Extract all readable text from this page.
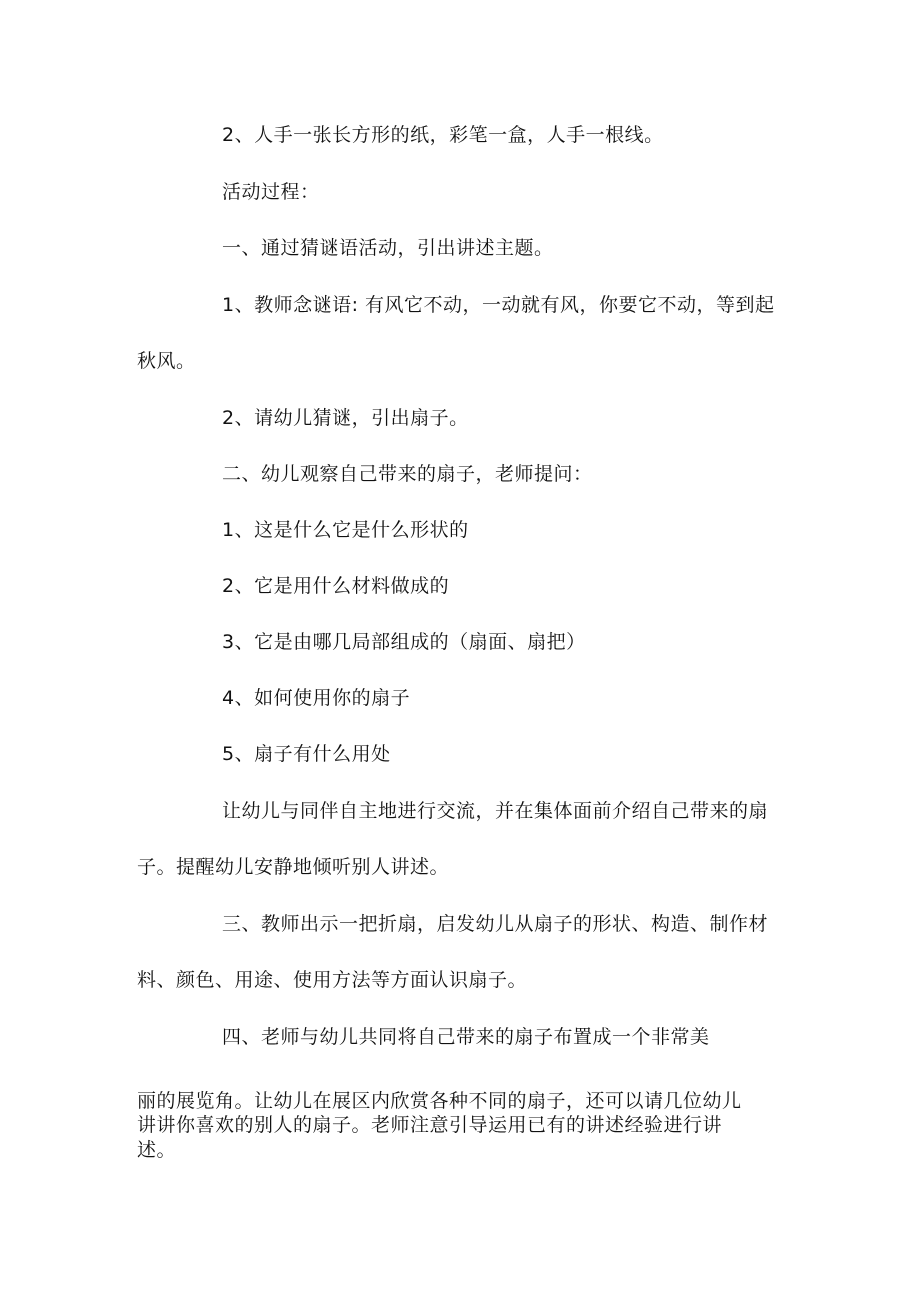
2、人手一张长方形的纸，彩笔一盒，人手一根线。

活动过程：

一、通过猜谜语活动，引出讲述主题。

1、教师念谜语: 有风它不动，一动就有风，你要它不动，等到起

秋风。

2、请幼儿猜谜，引出扇子。

二、幼儿观察自己带来的扇子，老师提问：

1、这是什么它是什么形状的

2、它是用什么材料做成的

3、它是由哪几局部组成的（扇面、扇把）

4、如何使用你的扇子

5、扇子有什么用处

让幼儿与同伴自主地进行交流，并在集体面前介绍自己带来的扇

子。提醒幼儿安静地倾听别人讲述。

三、教师出示一把折扇，启发幼儿从扇子的形状、构造、制作材

料、颜色、用途、使用方法等方面认识扇子。

四、老师与幼儿共同将自己带来的扇子布置成一个非常美

丽的展览角。让幼儿在展区内欣赏各种不同的扇子，还可以请几位幼儿

讲讲你喜欢的别人的扇子。老师注意引导运用已有的讲述经验进行讲

述。
